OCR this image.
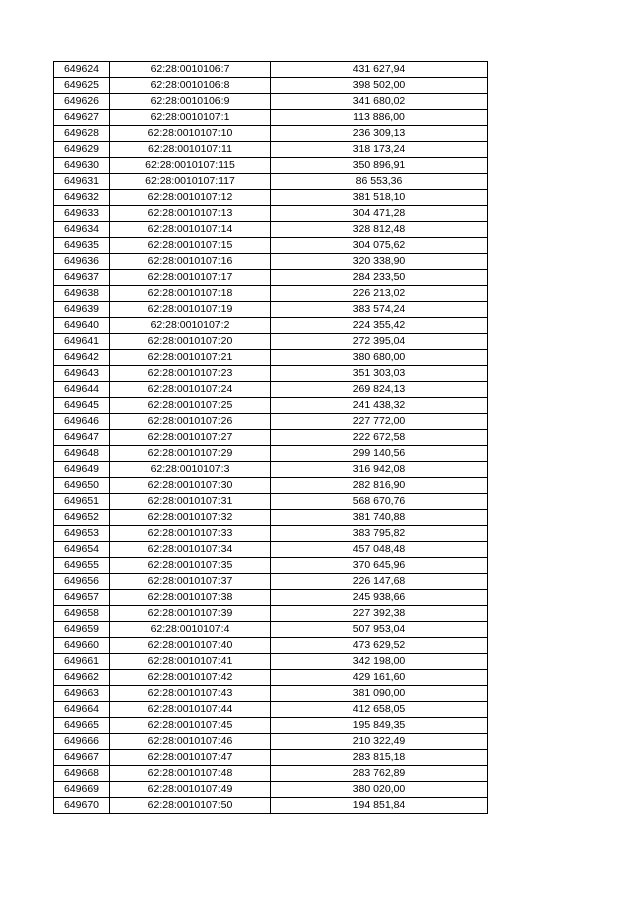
649624	62:28:0010106:7	431 627,94
649625	62:28:0010106:8	398 502,00
649626	62:28:0010106:9	341 680,02
649627	62:28:0010107:1	113 886,00
649628	62:28:0010107:10	236 309,13
649629	62:28:0010107:11	318 173,24
649630	62:28:0010107:115	350 896,91
649631	62:28:0010107:117	86 553,36
649632	62:28:0010107:12	381 518,10
649633	62:28:0010107:13	304 471,28
649634	62:28:0010107:14	328 812,48
649635	62:28:0010107:15	304 075,62
649636	62:28:0010107:16	320 338,90
649637	62:28:0010107:17	284 233,50
649638	62:28:0010107:18	226 213,02
649639	62:28:0010107:19	383 574,24
649640	62:28:0010107:2	224 355,42
649641	62:28:0010107:20	272 395,04
649642	62:28:0010107:21	380 680,00
649643	62:28:0010107:23	351 303,03
649644	62:28:0010107:24	269 824,13
649645	62:28:0010107:25	241 438,32
649646	62:28:0010107:26	227 772,00
649647	62:28:0010107:27	222 672,58
649648	62:28:0010107:29	299 140,56
649649	62:28:0010107:3	316 942,08
649650	62:28:0010107:30	282 816,90
649651	62:28:0010107:31	568 670,76
649652	62:28:0010107:32	381 740,88
649653	62:28:0010107:33	383 795,82
649654	62:28:0010107:34	457 048,48
649655	62:28:0010107:35	370 645,96
649656	62:28:0010107:37	226 147,68
649657	62:28:0010107:38	245 938,66
649658	62:28:0010107:39	227 392,38
649659	62:28:0010107:4	507 953,04
649660	62:28:0010107:40	473 629,52
649661	62:28:0010107:41	342 198,00
649662	62:28:0010107:42	429 161,60
649663	62:28:0010107:43	381 090,00
649664	62:28:0010107:44	412 658,05
649665	62:28:0010107:45	195 849,35
649666	62:28:0010107:46	210 322,49
649667	62:28:0010107:47	283 815,18
649668	62:28:0010107:48	283 762,89
649669	62:28:0010107:49	380 020,00
649670	62:28:0010107:50	194 851,84
